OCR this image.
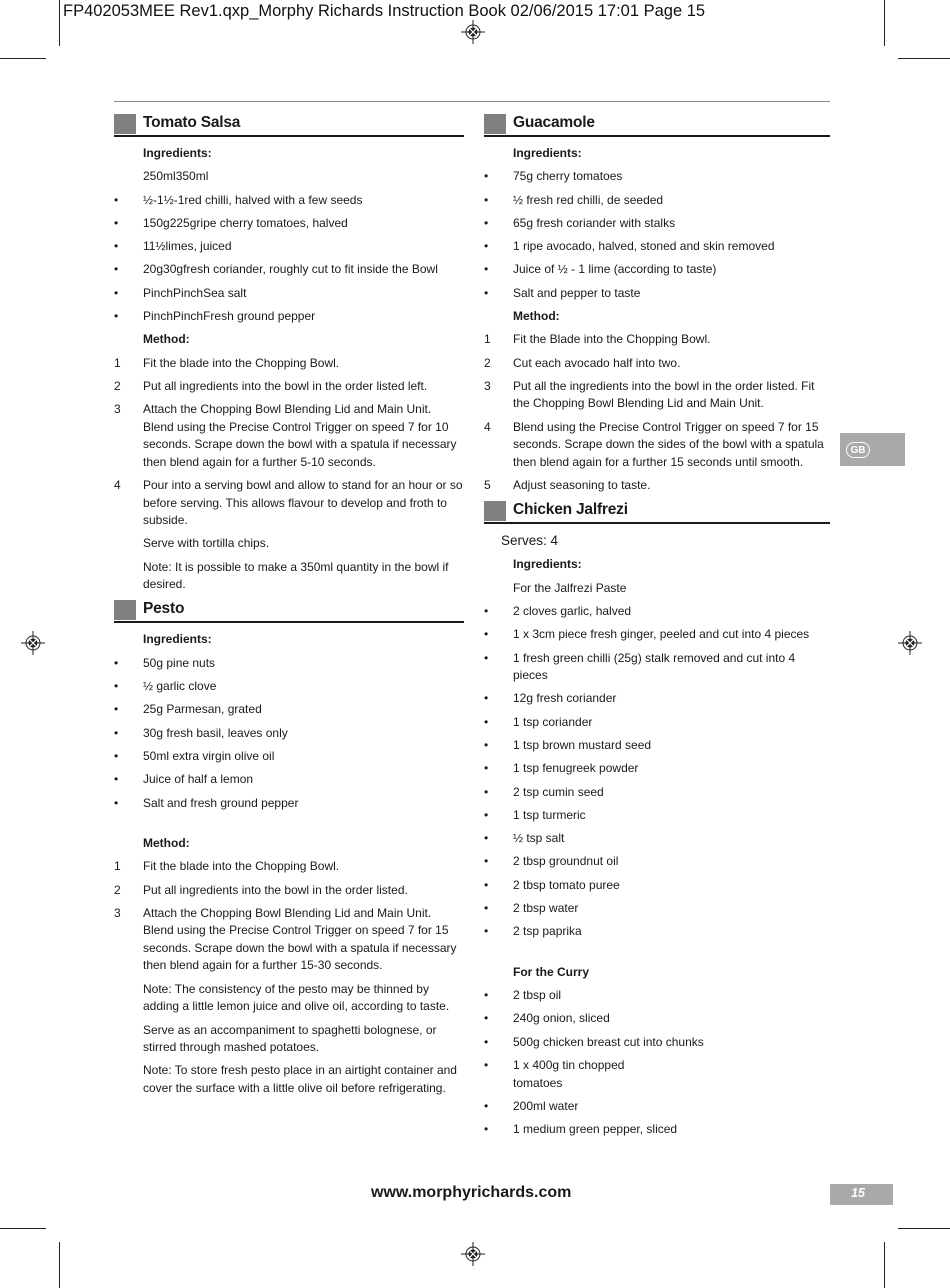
FP402053MEE Rev1.qxp_Morphy Richards Instruction Book 02/06/2015 17:01 Page 15
Tomato Salsa
Ingredients:
250ml350ml
• ½-1½-1red chilli, halved with a few seeds
• 150g225gripe cherry tomatoes, halved
• 11½limes, juiced
• 20g30gfresh coriander, roughly cut to fit inside the Bowl
• PinchPinchSea salt
• PinchPinchFresh ground pepper
Method:
1 Fit the blade into the Chopping Bowl.
2 Put all ingredients into the bowl in the order listed left.
3 Attach the Chopping Bowl Blending Lid and Main Unit. Blend using the Precise Control Trigger on speed 7 for 10 seconds. Scrape down the bowl with a spatula if necessary then blend again for a further 5-10 seconds.
4 Pour into a serving bowl and allow to stand for an hour or so before serving. This allows flavour to develop and froth to subside.
Serve with tortilla chips.
Note: It is possible to make a 350ml quantity in the bowl if desired.
Pesto
Ingredients:
• 50g pine nuts
• ½ garlic clove
• 25g Parmesan, grated
• 30g fresh basil, leaves only
• 50ml extra virgin olive oil
• Juice of half a lemon
• Salt and fresh ground pepper
Method:
1 Fit the blade into the Chopping Bowl.
2 Put all ingredients into the bowl in the order listed.
3 Attach the Chopping Bowl Blending Lid and Main Unit. Blend using the Precise Control Trigger on speed 7 for 15 seconds. Scrape down the bowl with a spatula if necessary then blend again for a further 15-30 seconds.
Note: The consistency of the pesto may be thinned by adding a little lemon juice and olive oil, according to taste.
Serve as an accompaniment to spaghetti bolognese, or stirred through mashed potatoes.
Note: To store fresh pesto place in an airtight container and cover the surface with a little olive oil before refrigerating.
Guacamole
Ingredients:
• 75g cherry tomatoes
• ½ fresh red chilli, de seeded
• 65g fresh coriander with stalks
• 1 ripe avocado, halved, stoned and skin removed
• Juice of ½ - 1 lime (according to taste)
• Salt and pepper to taste
Method:
1 Fit the Blade into the Chopping Bowl.
2 Cut each avocado half into two.
3 Put all the ingredients into the bowl in the order listed. Fit the Chopping Bowl Blending Lid and Main Unit.
4 Blend using the Precise Control Trigger on speed 7 for 15 seconds. Scrape down the sides of the bowl with a spatula then blend again for a further 15 seconds until smooth.
5 Adjust seasoning to taste.
Chicken Jalfrezi
Serves: 4
Ingredients:
For the Jalfrezi Paste
• 2 cloves garlic, halved
• 1 x 3cm piece fresh ginger, peeled and cut into 4 pieces
• 1 fresh green chilli (25g) stalk removed and cut into 4 pieces
• 12g fresh coriander
• 1 tsp coriander
• 1 tsp brown mustard seed
• 1 tsp fenugreek powder
• 2 tsp cumin seed
• 1 tsp turmeric
• ½ tsp salt
• 2 tbsp groundnut oil
• 2 tbsp tomato puree
• 2 tbsp water
• 2 tsp paprika
For the Curry
• 2 tbsp oil
• 240g onion, sliced
• 500g chicken breast cut into chunks
• 1 x 400g tin chopped
tomatoes
• 200ml water
• 1 medium green pepper, sliced
GB
www.morphyrichards.com	15
